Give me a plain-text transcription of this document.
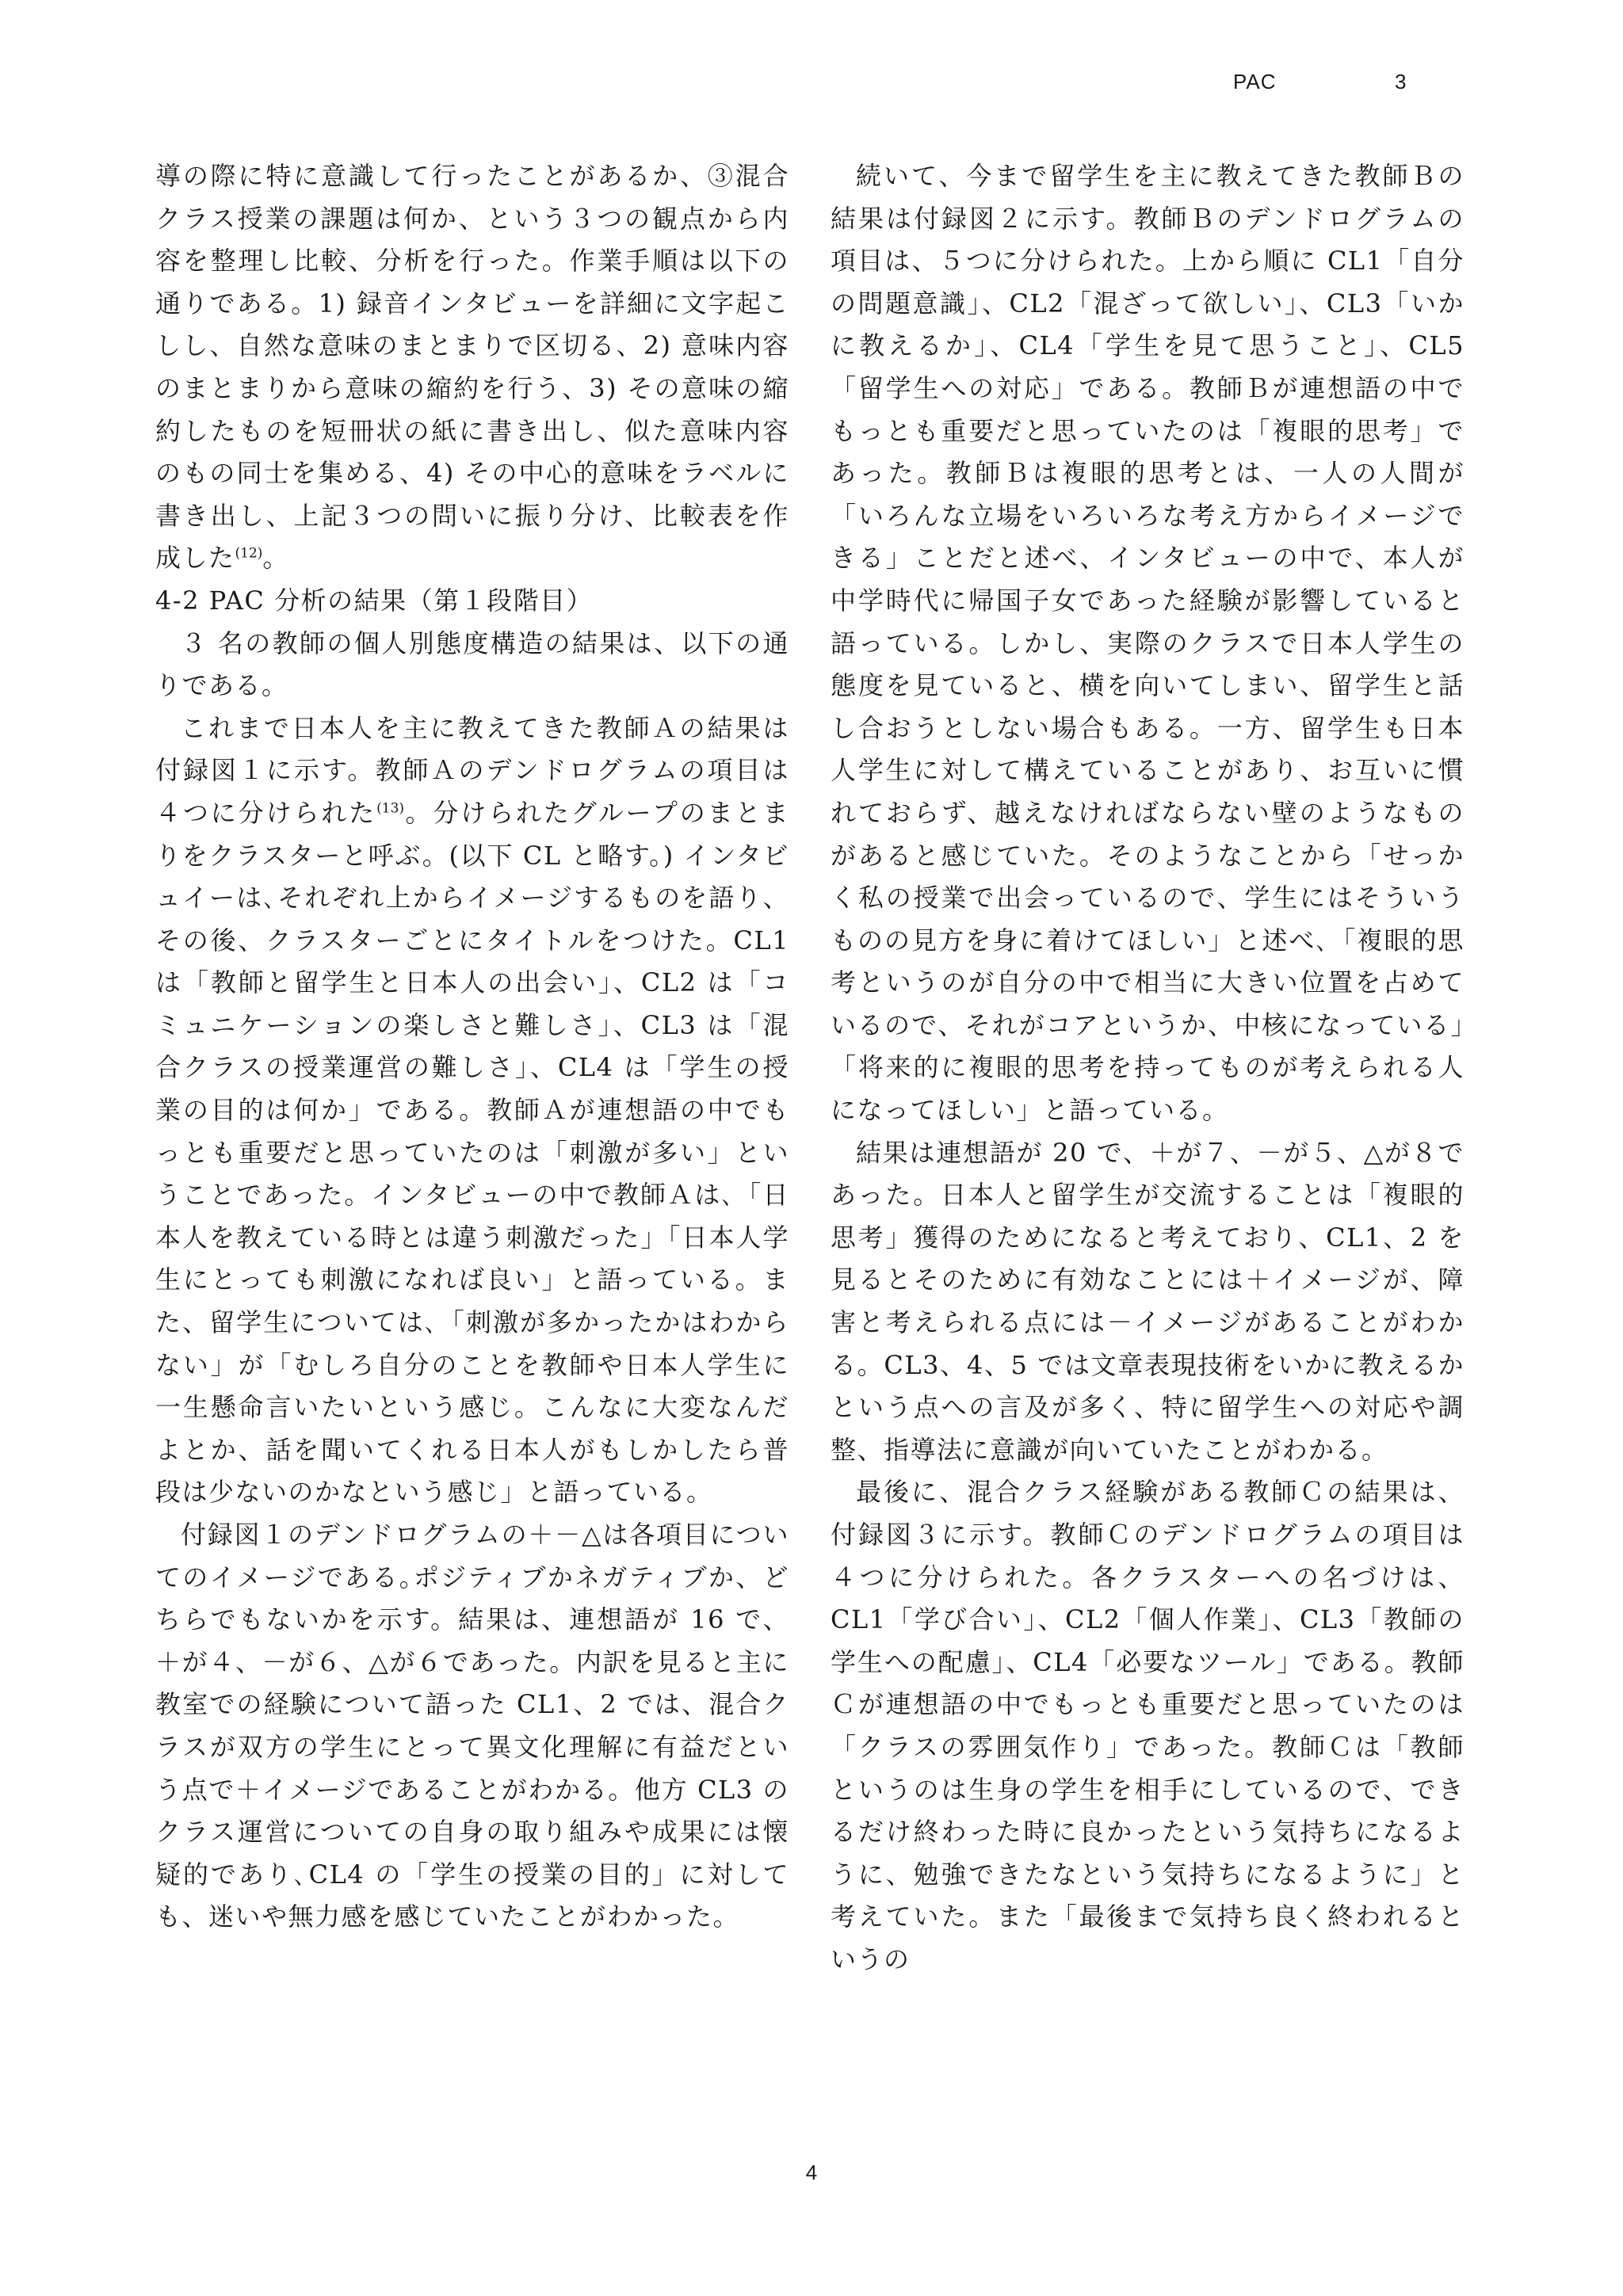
PAC	3

導の際に特に意識して行ったことがあるか、③混合クラス授業の課題は何か、という３つの観点から内容を整理し比較、分析を行った。作業手順は以下の通りである。1) 録音インタビューを詳細に文字起こしし、自然な意味のまとまりで区切る、2) 意味内容のまとまりから意味の縮約を行う、3) その意味の縮約したものを短冊状の紙に書き出し、似た意味内容のもの同士を集める、4) その中心的意味をラベルに書き出し、上記３つの問いに振り分け、比較表を作成した$^{(12)}$。

4-2 PAC 分析の結果（第１段階目）

３ 名の教師の個人別態度構造の結果は、以下の通りである。

これまで日本人を主に教えてきた教師Ａの結果は付録図１に示す。教師Ａのデンドログラムの項目は４つに分けられた$^{(13)}$。分けられたグループのまとまりをクラスターと呼ぶ。(以下 CL と略す。) インタビュイーは､それぞれ上からイメージするものを語り、その後、クラスターごとにタイトルをつけた。CL1 は「教師と留学生と日本人の出会い」、CL2 は「コミュニケーションの楽しさと難しさ」、CL3 は「混合クラスの授業運営の難しさ」、CL4 は「学生の授業の目的は何か」である。教師Ａが連想語の中でもっとも重要だと思っていたのは「刺激が多い」ということであった。インタビューの中で教師Ａは､「日本人を教えている時とは違う刺激だった」「日本人学生にとっても刺激になれば良い」と語っている。また、留学生については､「刺激が多かったかはわからない」が「むしろ自分のことを教師や日本人学生に一生懸命言いたいという感じ。こんなに大変なんだよとか、話を聞いてくれる日本人がもしかしたら普段は少ないのかなという感じ」と語っている。

付録図１のデンドログラムの＋－△は各項目についてのイメージである｡ポジティブかネガティブか、どちらでもないかを示す。結果は、連想語が 16 で、＋が４、－が６、△が６であった。内訳を見ると主に教室での経験について語った CL1、2 では、混合クラスが双方の学生にとって異文化理解に有益だという点で＋イメージであることがわかる。他方 CL3 のクラス運営についての自身の取り組みや成果には懐疑的であり､CL4 の「学生の授業の目的」に対しても、迷いや無力感を感じていたことがわかった。

続いて、今まで留学生を主に教えてきた教師Ｂの結果は付録図２に示す。教師Ｂのデンドログラムの項目は、５つに分けられた。上から順に CL1「自分の問題意識」、CL2「混ざって欲しい」、CL3「いかに教えるか」、CL4「学生を見て思うこと」、CL5「留学生への対応」である。教師Ｂが連想語の中でもっとも重要だと思っていたのは「複眼的思考」であった。教師Ｂは複眼的思考とは、一人の人間が「いろんな立場をいろいろな考え方からイメージできる」ことだと述べ、インタビューの中で、本人が中学時代に帰国子女であった経験が影響していると語っている。しかし、実際のクラスで日本人学生の態度を見ていると、横を向いてしまい、留学生と話し合おうとしない場合もある。一方、留学生も日本人学生に対して構えていることがあり、お互いに慣れておらず、越えなければならない壁のようなものがあると感じていた。そのようなことから「せっかく私の授業で出会っているので、学生にはそういうものの見方を身に着けてほしい」と述べ､「複眼的思考というのが自分の中で相当に大きい位置を占めているので、それがコアというか、中核になっている」「将来的に複眼的思考を持ってものが考えられる人になってほしい」と語っている。

結果は連想語が 20 で、＋が７、－が５、△が８であった。日本人と留学生が交流することは「複眼的思考」獲得のためになると考えており、CL1、2 を見るとそのために有効なことには＋イメージが、障害と考えられる点には－イメージがあることがわかる。CL3、4、5 では文章表現技術をいかに教えるかという点への言及が多く、特に留学生への対応や調整、指導法に意識が向いていたことがわかる。

最後に、混合クラス経験がある教師Ｃの結果は、付録図３に示す。教師Ｃのデンドログラムの項目は４つに分けられた。各クラスターへの名づけは、CL1「学び合い」、CL2「個人作業」、CL3「教師の学生への配慮」、CL4「必要なツール」である。教師Ｃが連想語の中でもっとも重要だと思っていたのは「クラスの雰囲気作り」であった。教師Ｃは「教師というのは生身の学生を相手にしているので、できるだけ終わった時に良かったという気持ちになるように、勉強できたなという気持ちになるように」と考えていた。また「最後まで気持ち良く終われるというの

4
